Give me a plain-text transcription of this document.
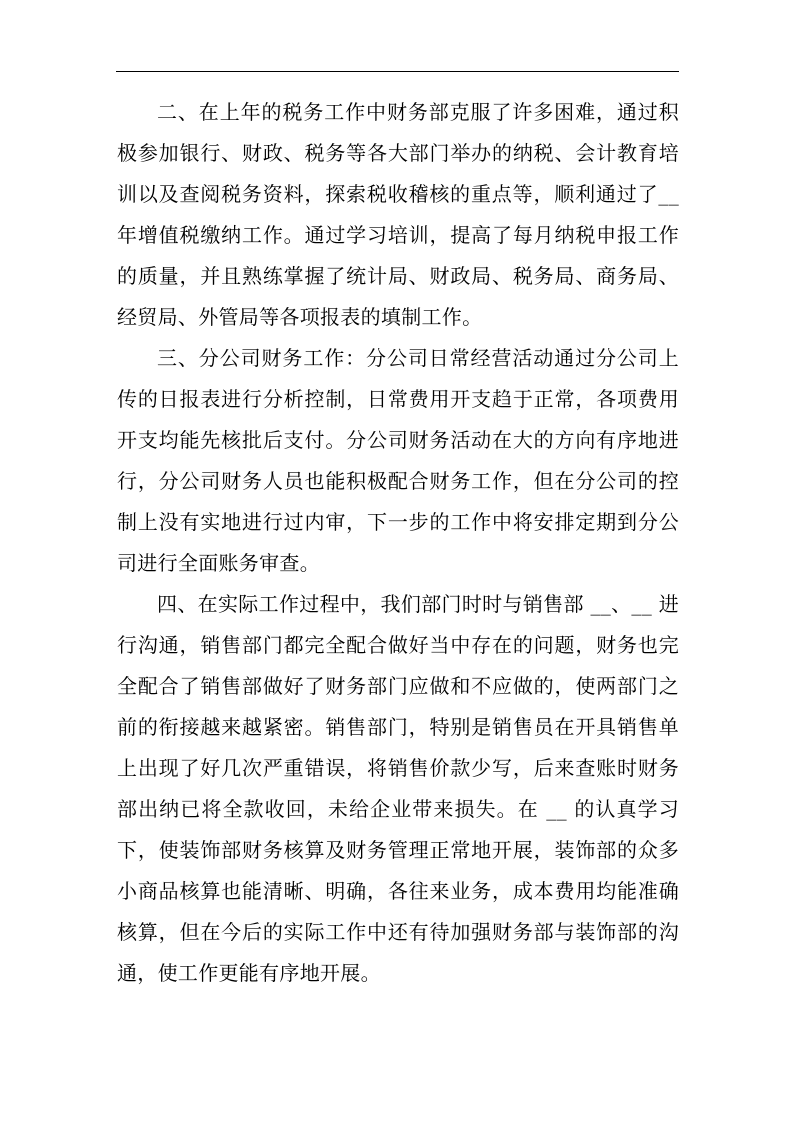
二、在上年的税务工作中财务部克服了许多困难，通过积极参加银行、财政、税务等各大部门举办的纳税、会计教育培训以及查阅税务资料，探索税收稽核的重点等，顺利通过了__年增值税缴纳工作。通过学习培训，提高了每月纳税申报工作的质量，并且熟练掌握了统计局、财政局、税务局、商务局、经贸局、外管局等各项报表的填制工作。

三、分公司财务工作：分公司日常经营活动通过分公司上传的日报表进行分析控制，日常费用开支趋于正常，各项费用开支均能先核批后支付。分公司财务活动在大的方向有序地进行，分公司财务人员也能积极配合财务工作，但在分公司的控制上没有实地进行过内审，下一步的工作中将安排定期到分公司进行全面账务审查。

四、在实际工作过程中，我们部门时时与销售部 __、__ 进行沟通，销售部门都完全配合做好当中存在的问题，财务也完全配合了销售部做好了财务部门应做和不应做的，使两部门之前的衔接越来越紧密。销售部门，特别是销售员在开具销售单上出现了好几次严重错误，将销售价款少写，后来查账时财务部出纳已将全款收回，未给企业带来损失。在 __ 的认真学习下，使装饰部财务核算及财务管理正常地开展，装饰部的众多小商品核算也能清晰、明确，各往来业务，成本费用均能准确核算，但在今后的实际工作中还有待加强财务部与装饰部的沟通，使工作更能有序地开展。
